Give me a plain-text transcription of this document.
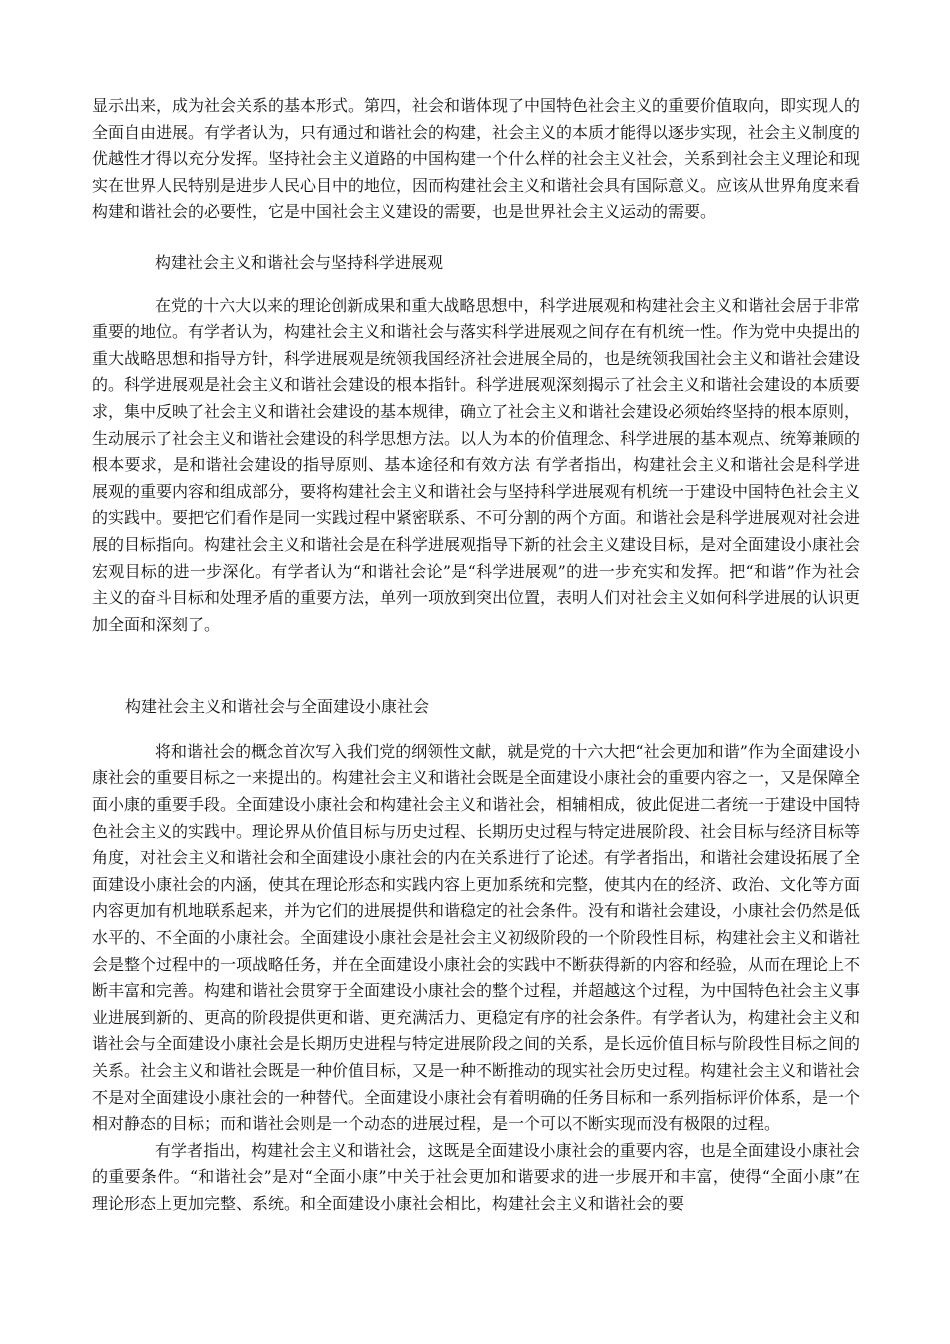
显示出来，成为社会关系的基本形式。第四，社会和谐体现了中国特色社会主义的重要价值取向，即实现人的全面自由进展。有学者认为，只有通过和谐社会的构建，社会主义的本质才能得以逐步实现，社会主义制度的优越性才得以充分发挥。坚持社会主义道路的中国构建一个什么样的社会主义社会，关系到社会主义理论和现实在世界人民特别是进步人民心目中的地位，因而构建社会主义和谐社会具有国际意义。应该从世界角度来看构建和谐社会的必要性，它是中国社会主义建设的需要，也是世界社会主义运动的需要。

构建社会主义和谐社会与坚持科学进展观

在党的十六大以来的理论创新成果和重大战略思想中，科学进展观和构建社会主义和谐社会居于非常重要的地位。有学者认为，构建社会主义和谐社会与落实科学进展观之间存在有机统一性。作为党中央提出的重大战略思想和指导方针，科学进展观是统领我国经济社会进展全局的，也是统领我国社会主义和谐社会建设的。科学进展观是社会主义和谐社会建设的根本指针。科学进展观深刻揭示了社会主义和谐社会建设的本质要求，集中反映了社会主义和谐社会建设的基本规律，确立了社会主义和谐社会建设必须始终坚持的根本原则，生动展示了社会主义和谐社会建设的科学思想方法。以人为本的价值理念、科学进展的基本观点、统筹兼顾的根本要求，是和谐社会建设的指导原则、基本途径和有效方法 有学者指出，构建社会主义和谐社会是科学进展观的重要内容和组成部分，要将构建社会主义和谐社会与坚持科学进展观有机统一于建设中国特色社会主义的实践中。要把它们看作是同一实践过程中紧密联系、不可分割的两个方面。和谐社会是科学进展观对社会进展的目标指向。构建社会主义和谐社会是在科学进展观指导下新的社会主义建设目标，是对全面建设小康社会宏观目标的进一步深化。有学者认为“和谐社会论”是“科学进展观”的进一步充实和发挥。把“和谐”作为社会主义的奋斗目标和处理矛盾的重要方法，单列一项放到突出位置，表明人们对社会主义如何科学进展的认识更加全面和深刻了。

构建社会主义和谐社会与全面建设小康社会

将和谐社会的概念首次写入我们党的纲领性文献，就是党的十六大把“社会更加和谐”作为全面建设小康社会的重要目标之一来提出的。构建社会主义和谐社会既是全面建设小康社会的重要内容之一，又是保障全面小康的重要手段。全面建设小康社会和构建社会主义和谐社会，相辅相成，彼此促进二者统一于建设中国特色社会主义的实践中。理论界从价值目标与历史过程、长期历史过程与特定进展阶段、社会目标与经济目标等角度，对社会主义和谐社会和全面建设小康社会的内在关系进行了论述。有学者指出，和谐社会建设拓展了全面建设小康社会的内涵，使其在理论形态和实践内容上更加系统和完整，使其内在的经济、政治、文化等方面内容更加有机地联系起来，并为它们的进展提供和谐稳定的社会条件。没有和谐社会建设，小康社会仍然是低水平的、不全面的小康社会。全面建设小康社会是社会主义初级阶段的一个阶段性目标，构建社会主义和谐社会是整个过程中的一项战略任务，并在全面建设小康社会的实践中不断获得新的内容和经验，从而在理论上不断丰富和完善。构建和谐社会贯穿于全面建设小康社会的整个过程，并超越这个过程，为中国特色社会主义事业进展到新的、更高的阶段提供更和谐、更充满活力、更稳定有序的社会条件。有学者认为，构建社会主义和谐社会与全面建设小康社会是长期历史进程与特定进展阶段之间的关系，是长远价值目标与阶段性目标之间的关系。社会主义和谐社会既是一种价值目标，又是一种不断推动的现实社会历史过程。构建社会主义和谐社会不是对全面建设小康社会的一种替代。全面建设小康社会有着明确的任务目标和一系列指标评价体系，是一个相对静态的目标；而和谐社会则是一个动态的进展过程，是一个可以不断实现而没有极限的过程。

有学者指出，构建社会主义和谐社会，这既是全面建设小康社会的重要内容，也是全面建设小康社会的重要条件。“和谐社会”是对“全面小康”中关于社会更加和谐要求的进一步展开和丰富，使得“全面小康”在理论形态上更加完整、系统。和全面建设小康社会相比，构建社会主义和谐社会的要
